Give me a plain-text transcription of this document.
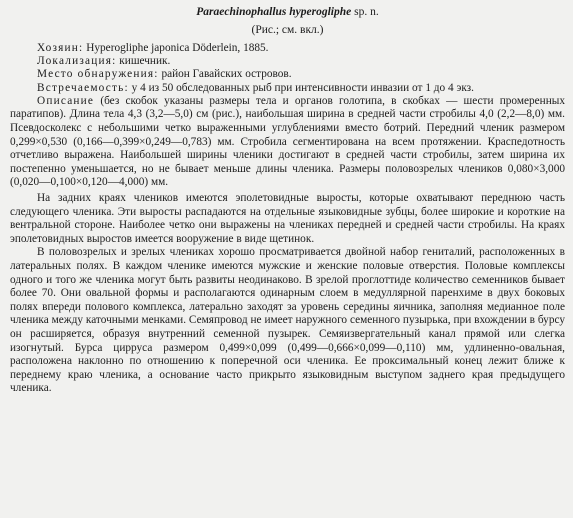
Paraechinophallus hyperogliphe sp. n.

(Рис.; см. вкл.)

Хозяин: Hyperogliphe japonica Döderlein, 1885.

Локализация: кишечник.

Место обнаружения: район Гавайских островов.

Встречаемость: у 4 из 50 обследованных рыб при интенсивности инвазии от 1 до 4 экз.

Описание (без скобок указаны размеры тела и органов голотипа, в скобках — шести промеренных паратипов). Длина тела 4,3 (3,2—5,0) см (рис.), наибольшая ширина в средней части стробилы 4,0 (2,2—8,0) мм. Псевдосколекс с небольшими четко выраженными углублениями вместо ботрий. Передний членик размером 0,299×0,530 (0,166—0,399×0,249—0,783) мм. Стробила сегментирована на всем протяжении. Краспедотность отчетливо выражена. Наибольшей ширины членики достигают в средней части стробилы, затем ширина их постепенно уменьшается, но не бывает меньше длины членика. Размеры половозрелых члеников 0,080×3,000 (0,020—0,100×0,120—4,000) мм.

На задних краях члеников имеются эполетовидные выросты, которые охватывают переднюю часть следующего членика. Эти выросты распадаются на отдельные языковидные зубцы, более широкие и короткие на вентральной стороне. Наиболее четко они выражены на члениках передней и средней части стробилы. На краях эполетовидных выростов имеется вооружение в виде щетинок.

В половозрелых и зрелых члениках хорошо просматривается двойной набор гениталий, расположенных в латеральных полях. В каждом членике имеются мужские и женские половые отверстия. Половые комплексы одного и того же членика могут быть развиты неодинаково. В зрелой проглоттиде количество семенников бывает более 70. Они овальной формы и располагаются одинарным слоем в медуллярной паренхиме в двух боковых полях впереди полового комплекса, латерально заходят за уровень середины яичника, заполняя медианное поле членика между каточными менками. Семяпровод не имеет наружного семенного пузырька, при вхождении в бурсу он расширяется, образуя внутренний семенной пузырек. Семяизвергательный канал прямой или слегка изогнутый. Бурса цирруса размером 0,499×0,099 (0,499—0,666×0,099—0,110) мм, удлиненно-овальная, расположена наклонно по отношению к поперечной оси членика. Ее проксимальный конец лежит ближе к переднему краю членика, а основание часто прикрыто языковидным выступом заднего края предыдущего членика.
